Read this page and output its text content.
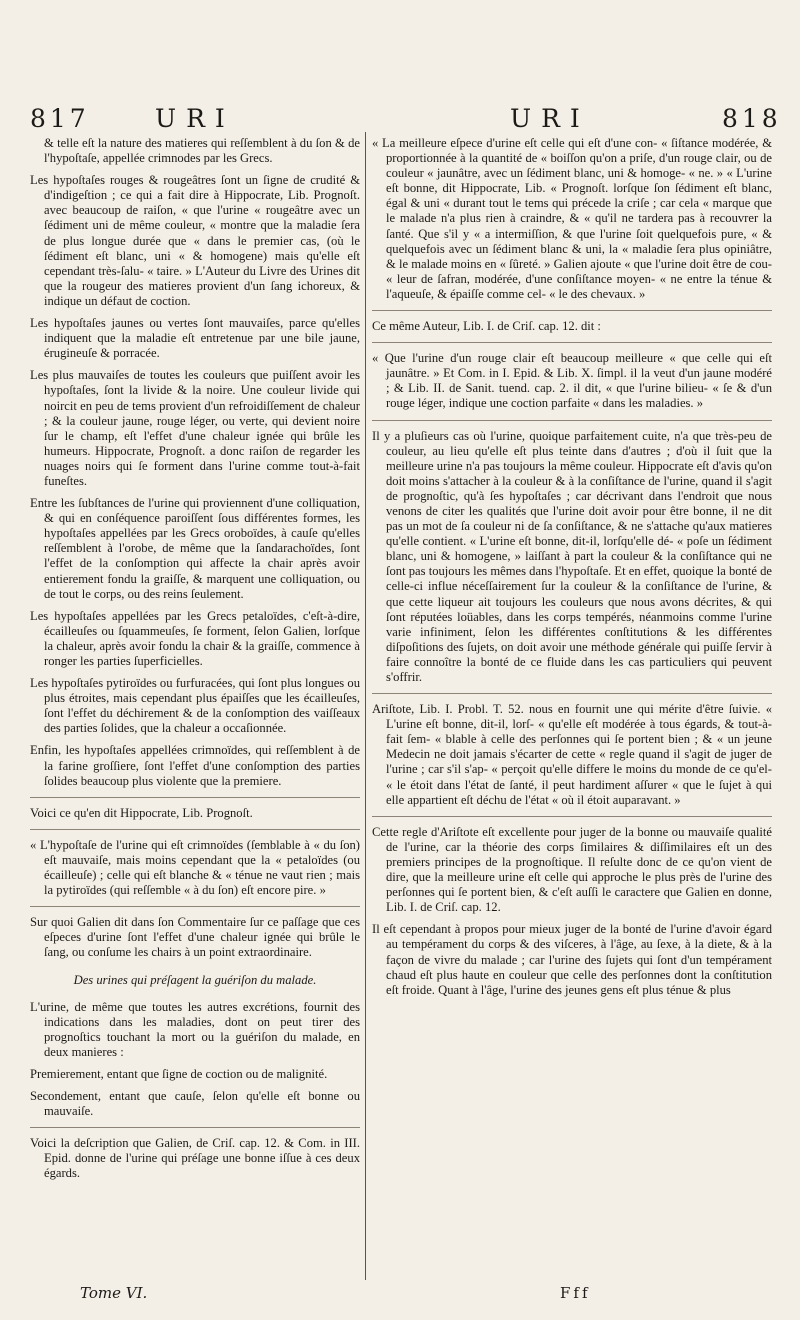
817	URI	URI	818

& telle eſt la nature des matieres qui reſſemblent à du ſon & de l'hypoſtaſe, appellée crimnodes par les Grecs.

Les hypoſtaſes rouges & rougeâtres ſont un ſigne de crudité & d'indigeſtion ; ce qui a fait dire à Hippocrate, Lib. Prognoſt. avec beaucoup de raiſon, « que l'urine « rougeâtre avec un ſédiment uni de même couleur, « montre que la maladie ſera de plus longue durée que « dans le premier cas, (où le ſédiment eſt blanc, uni « & homogene) mais qu'elle eſt cependant très-ſalu- « taire. » L'Auteur du Livre des Urines dit que la rougeur des matieres provient d'un ſang ichoreux, & indique un défaut de coction.

Les hypoſtaſes jaunes ou vertes ſont mauvaiſes, parce qu'elles indiquent que la maladie eſt entretenue par une bile jaune, érugineuſe & porracée.

Les plus mauvaiſes de toutes les couleurs que puiſſent avoir les hypoſtaſes, ſont la livide & la noire. Une couleur livide qui noircit en peu de tems provient d'un refroidiſſement de chaleur ; & la couleur jaune, rouge léger, ou verte, qui devient noire ſur le champ, eſt l'effet d'une chaleur ignée qui brûle les humeurs. Hippocrate, Prognoſt. a donc raiſon de regarder les nuages noirs qui ſe forment dans l'urine comme tout-à-fait funeſtes.

Entre les ſubſtances de l'urine qui proviennent d'une colliquation, & qui en conſéquence paroiſſent ſous différentes formes, les hypoſtaſes appellées par les Grecs oroboïdes, à cauſe qu'elles reſſemblent à l'orobe, de même que la ſandarachoïdes, ſont l'effet de la conſomption qui affecte la chair après avoir entierement fondu la graiſſe, & marquent une colliquation, ou de tout le corps, ou des reins ſeulement.

Les hypoſtaſes appellées par les Grecs petaloïdes, c'eſt-à-dire, écailleuſes ou ſquammeuſes, ſe forment, ſelon Galien, lorſque la chaleur, après avoir fondu la chair & la graiſſe, commence à ronger les parties ſuperficielles.

Les hypoſtaſes pytiroïdes ou furfuracées, qui ſont plus longues ou plus étroites, mais cependant plus épaiſſes que les écailleuſes, ſont l'effet du déchirement & de la conſomption des vaiſſeaux des parties ſolides, que la chaleur a occaſionnée.

Enfin, les hypoſtaſes appellées crimnoïdes, qui reſſemblent à de la farine groſſiere, ſont l'effet d'une conſomption des parties ſolides beaucoup plus violente que la premiere.

Voici ce qu'en dit Hippocrate, Lib. Prognoſt.

« L'hypoſtaſe de l'urine qui eſt crimnoïdes (ſemblable à « du ſon) eſt mauvaiſe, mais moins cependant que la « petaloïdes (ou écailleuſe) ; celle qui eſt blanche & « ténue ne vaut rien ; mais la pytiroïdes (qui reſſemble « à du ſon) eſt encore pire. »

Sur quoi Galien dit dans ſon Commentaire ſur ce paſſage que ces eſpeces d'urine ſont l'effet d'une chaleur ignée qui brûle le ſang, ou conſume les chairs à un point extraordinaire.

Des urines qui préſagent la guériſon du malade.

L'urine, de même que toutes les autres excrétions, fournit des indications dans les maladies, dont on peut tirer des prognoſtics touchant la mort ou la guériſon du malade, en deux manieres :

Premierement, entant que ſigne de coction ou de malignité.

Secondement, entant que cauſe, ſelon qu'elle eſt bonne ou mauvaiſe.

Voici la deſcription que Galien, de Criſ. cap. 12. & Com. in III. Epid. donne de l'urine qui préſage une bonne iſſue à ces deux égards.

« La meilleure eſpece d'urine eſt celle qui eſt d'une con- « ſiſtance modérée, & proportionnée à la quantité de « boiſſon qu'on a priſe, d'un rouge clair, ou de couleur « jaunâtre, avec un ſédiment blanc, uni & homoge- « ne. » « L'urine eſt bonne, dit Hippocrate, Lib. « Prognoſt. lorſque ſon ſédiment eſt blanc, égal & uni « durant tout le tems qui précede la criſe ; car cela « marque que le malade n'a plus rien à craindre, & « qu'il ne tardera pas à recouvrer la ſanté. Que s'il y « a intermiſſion, & que l'urine ſoit quelquefois pure, « & quelquefois avec un ſédiment blanc & uni, la « maladie ſera plus opiniâtre, & le malade moins en « ſûreté. » Galien ajoute « que l'urine doit être de cou- « leur de ſafran, modérée, d'une conſiſtance moyen- « ne entre la ténue & l'aqueuſe, & épaiſſe comme cel- « le des chevaux. »

Ce même Auteur, Lib. I. de Criſ. cap. 12. dit :

« Que l'urine d'un rouge clair eſt beaucoup meilleure « que celle qui eſt jaunâtre. » Et Com. in I. Epid. & Lib. X. ſimpl. il la veut d'un jaune modéré ; & Lib. II. de Sanit. tuend. cap. 2. il dit, « que l'urine bilieu- « ſe & d'un rouge léger, indique une coction parfaite « dans les maladies. »

Il y a pluſieurs cas où l'urine, quoique parfaitement cuite, n'a que très-peu de couleur, au lieu qu'elle eſt plus teinte dans d'autres ; d'où il ſuit que la meilleure urine n'a pas toujours la même couleur. Hippocrate eſt d'avis qu'on doit moins s'attacher à la couleur & à la conſiſtance de l'urine, quand il s'agit de prognoſtic, qu'à ſes hypoſtaſes ; car décrivant dans l'endroit que nous venons de citer les qualités que l'urine doit avoir pour être bonne, il ne dit pas un mot de ſa couleur ni de ſa conſiſtance, & ne s'attache qu'aux matieres qu'elle contient. « L'urine eſt bonne, dit-il, lorſqu'elle dé- « poſe un ſédiment blanc, uni & homogene, » laiſſant à part la couleur & la conſiſtance qui ne ſont pas toujours les mêmes dans l'hypoſtaſe. Et en effet, quoique la bonté de celle-ci influe néceſſairement ſur la couleur & la conſiſtance de l'urine, & que cette liqueur ait toujours les couleurs que nous avons décrites, & qui ſont réputées loüables, dans les corps tempérés, néanmoins comme l'urine varie infiniment, ſelon les différentes conſtitutions & les différentes diſpoſitions des ſujets, on doit avoir une méthode générale qui puiſſe ſervir à faire connoître la bonté de ce fluide dans les cas particuliers qui peuvent s'offrir.

Ariſtote, Lib. I. Probl. T. 52. nous en fournit une qui mérite d'être ſuivie. « L'urine eſt bonne, dit-il, lorſ- « qu'elle eſt modérée à tous égards, & tout-à-fait ſem- « blable à celle des perſonnes qui ſe portent bien ; & « un jeune Medecin ne doit jamais s'écarter de cette « regle quand il s'agit de juger de l'urine ; car s'il s'ap- « perçoit qu'elle differe le moins du monde de ce qu'el- « le étoit dans l'état de ſanté, il peut hardiment aſſurer « que le ſujet à qui elle appartient eſt déchu de l'état « où il étoit auparavant. »

Cette regle d'Ariſtote eſt excellente pour juger de la bonne ou mauvaiſe qualité de l'urine, car la théorie des corps ſimilaires & diſſimilaires eſt un des premiers principes de la prognoſtique. Il reſulte donc de ce qu'on vient de dire, que la meilleure urine eſt celle qui approche le plus près de l'urine des perſonnes qui ſe portent bien, & c'eſt auſſi le caractere que Galien en donne, Lib. I. de Criſ. cap. 12.

Il eſt cependant à propos pour mieux juger de la bonté de l'urine d'avoir égard au tempérament du corps & des viſceres, à l'âge, au ſexe, à la diete, & à la façon de vivre du malade ; car l'urine des ſujets qui ſont d'un tempérament chaud eſt plus haute en couleur que celle des perſonnes dont la conſtitution eſt froide. Quant à l'âge, l'urine des jeunes gens eſt plus ténue & plus

Tome VI.	Fff
